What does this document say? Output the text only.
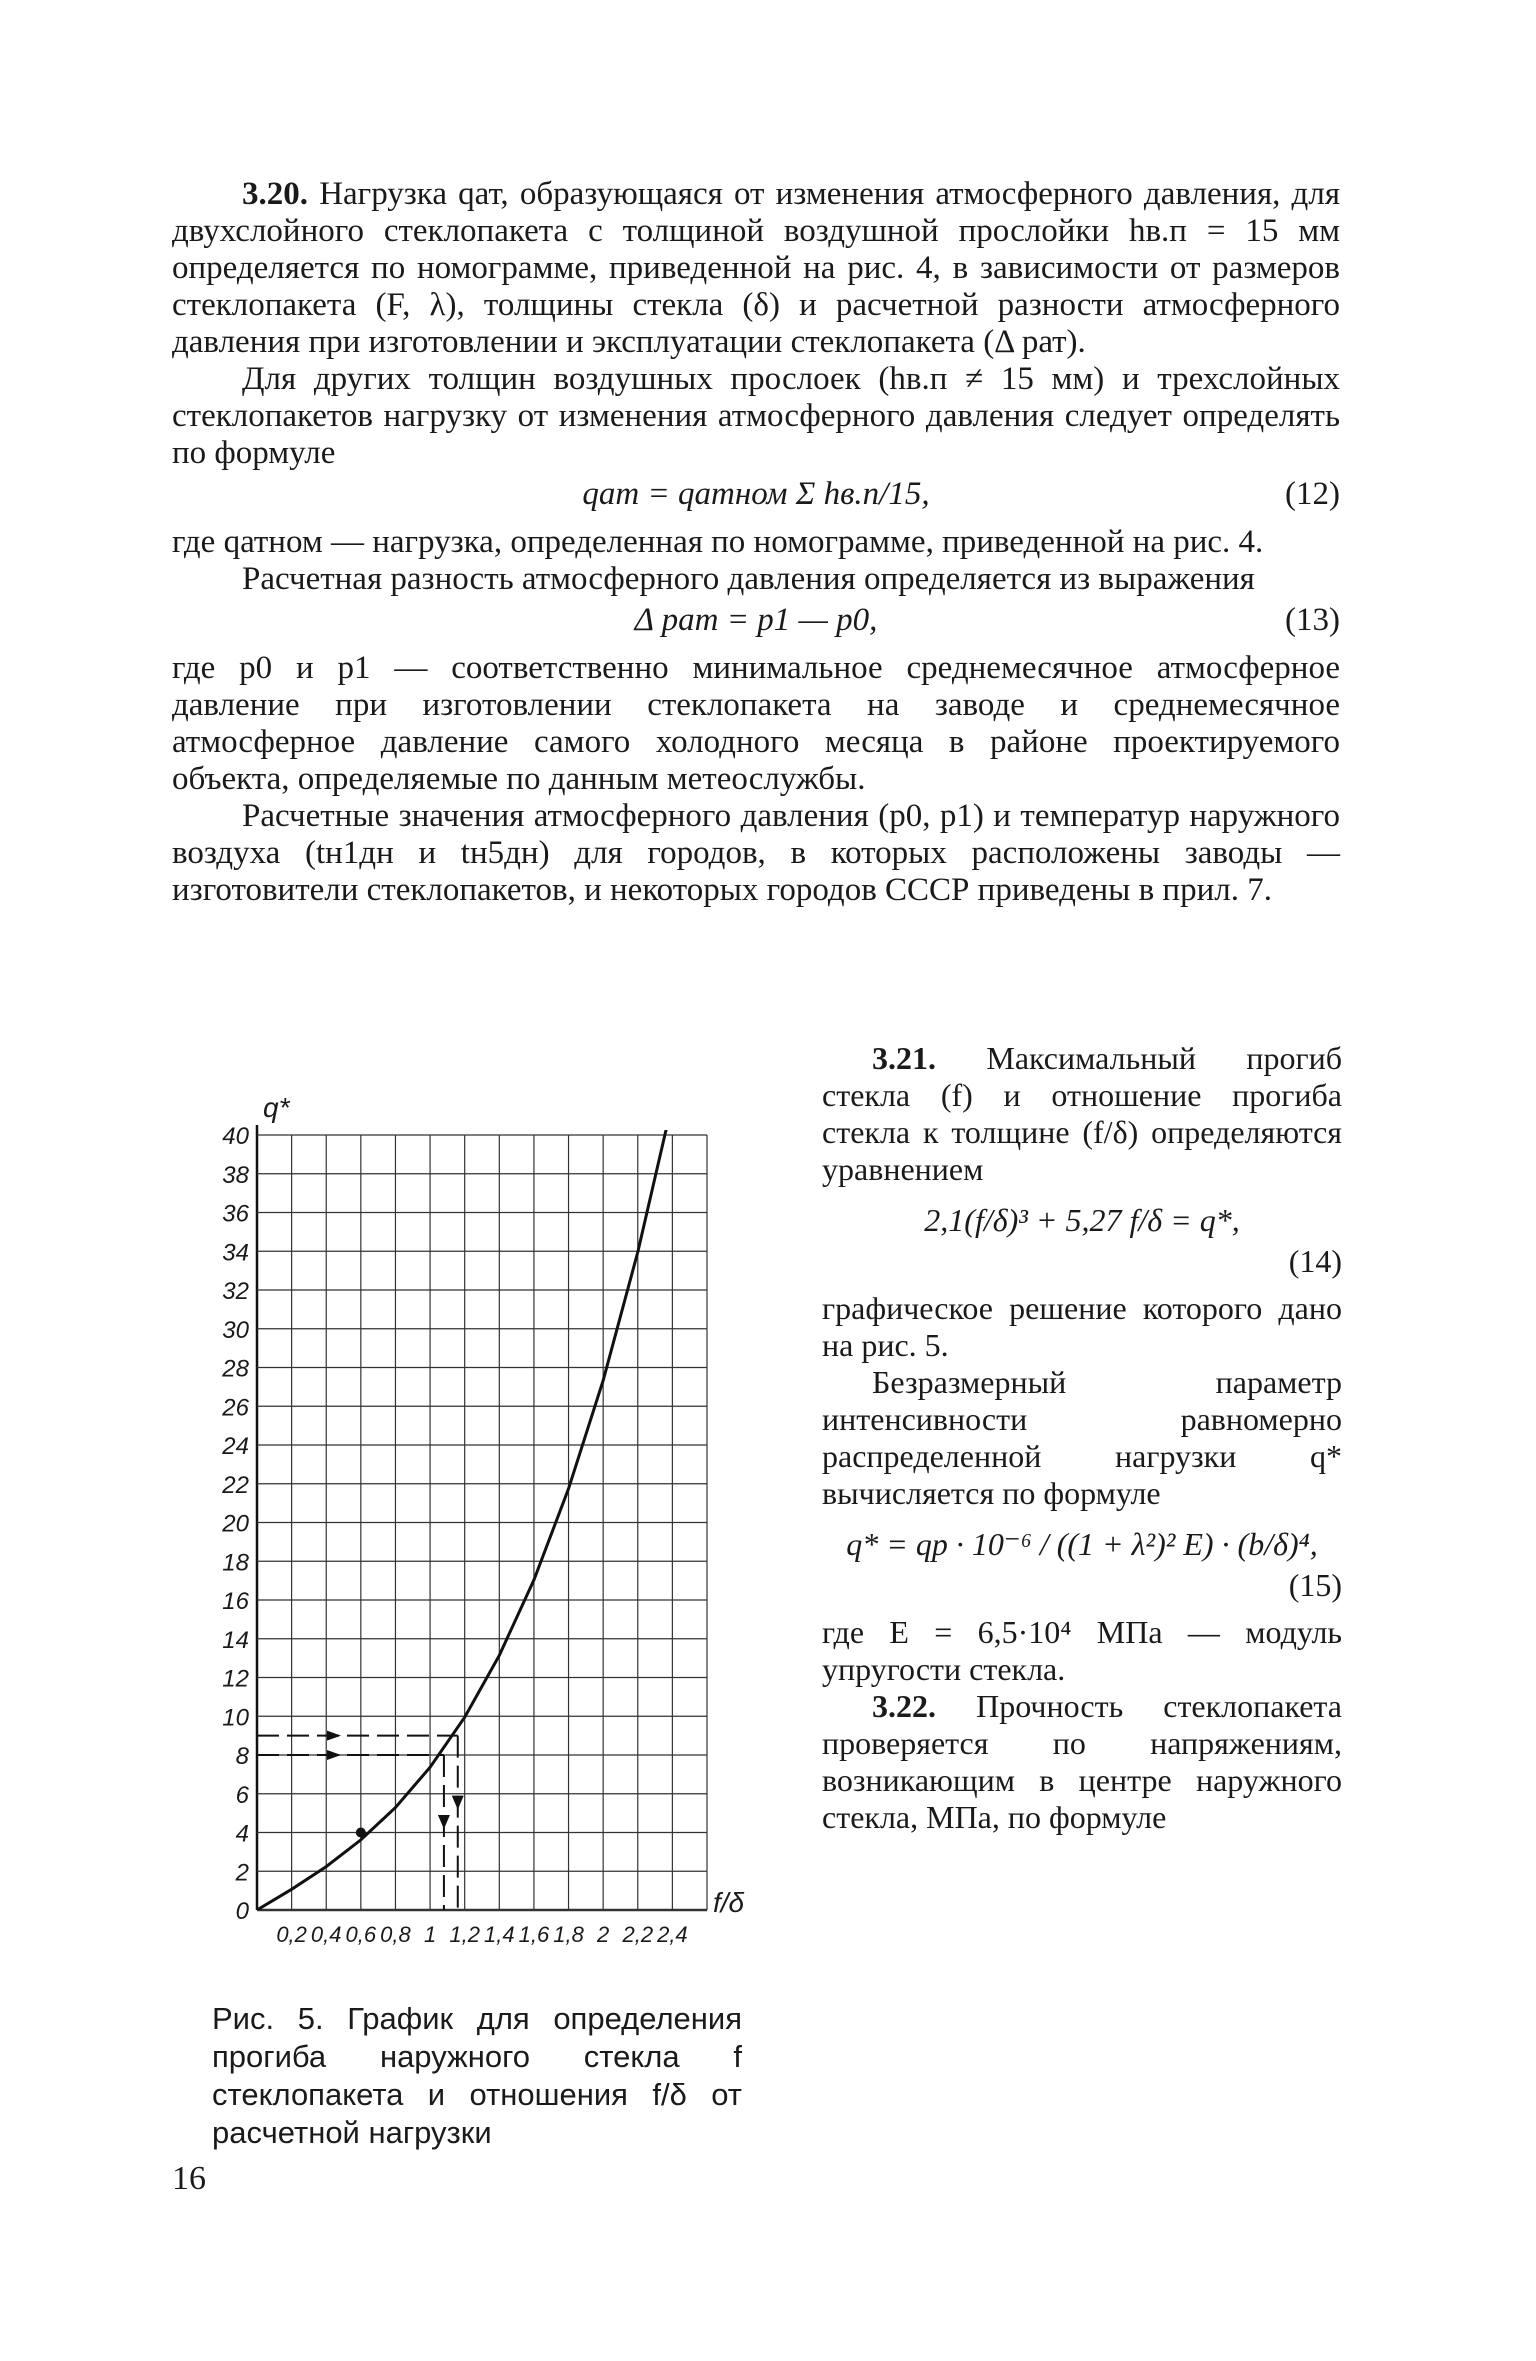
3.20. Нагрузка qат, образующаяся от изменения атмосферного давления, для двухслойного стеклопакета с толщиной воздушной прослойки hв.п = 15 мм определяется по номограмме, приведенной на рис. 4, в зависимости от размеров стеклопакета (F, λ), толщины стекла (δ) и расчетной разности атмосферного давления при изготовлении и эксплуатации стеклопакета (Δ pат).

Для других толщин воздушных прослоек (hв.п ≠ 15 мм) и трехслойных стеклопакетов нагрузку от изменения атмосферного давления следует определять по формуле

qат = qатном Σ hв.п/15,	(12)

где qатном — нагрузка, определенная по номограмме, приведенной на рис. 4.

Расчетная разность атмосферного давления определяется из выражения

Δ pат = p1 — p0,	(13)

где p0 и p1 — соответственно минимальное среднемесячное атмосферное давление при изготовлении стеклопакета на заводе и среднемесячное атмосферное давление самого холодного месяца в районе проектируемого объекта, определяемые по данным метеослужбы.

Расчетные значения атмосферного давления (p0, p1) и температур наружного воздуха (tн1дн и tн5дн) для городов, в которых расположены заводы — изготовители стеклопакетов, и некоторых городов СССР приведены в прил. 7.

0
2
4
6
8
10
12
14
16
18
20
22
24
26
28
30
32
34
36
38
40
0,2 0,4 0,6 0,8 1 1,2 1,4 1,6 1,8 2 2,2 2,4
q*
f/δ

3.21. Максимальный прогиб стекла (f) и отношение прогиба стекла к толщине (f/δ) определяются уравнением

2,1(f/δ)³ + 5,27 f/δ = q*,
(14)

графическое решение которого дано на рис. 5.

Безразмерный параметр интенсивности равномерно распределенной нагрузки q* вычисляется по формуле

q* = qр · 10⁻⁶ / ((1 + λ²)² E) · (b/δ)⁴,
(15)

где E = 6,5·10⁴ МПа — модуль упругости стекла.

3.22. Прочность стеклопакета проверяется по напряжениям, возникающим в центре наружного стекла, МПа, по формуле

Рис. 5. График для определения прогиба наружного стекла f стеклопакета и отношения f/δ от расчетной нагрузки
16
